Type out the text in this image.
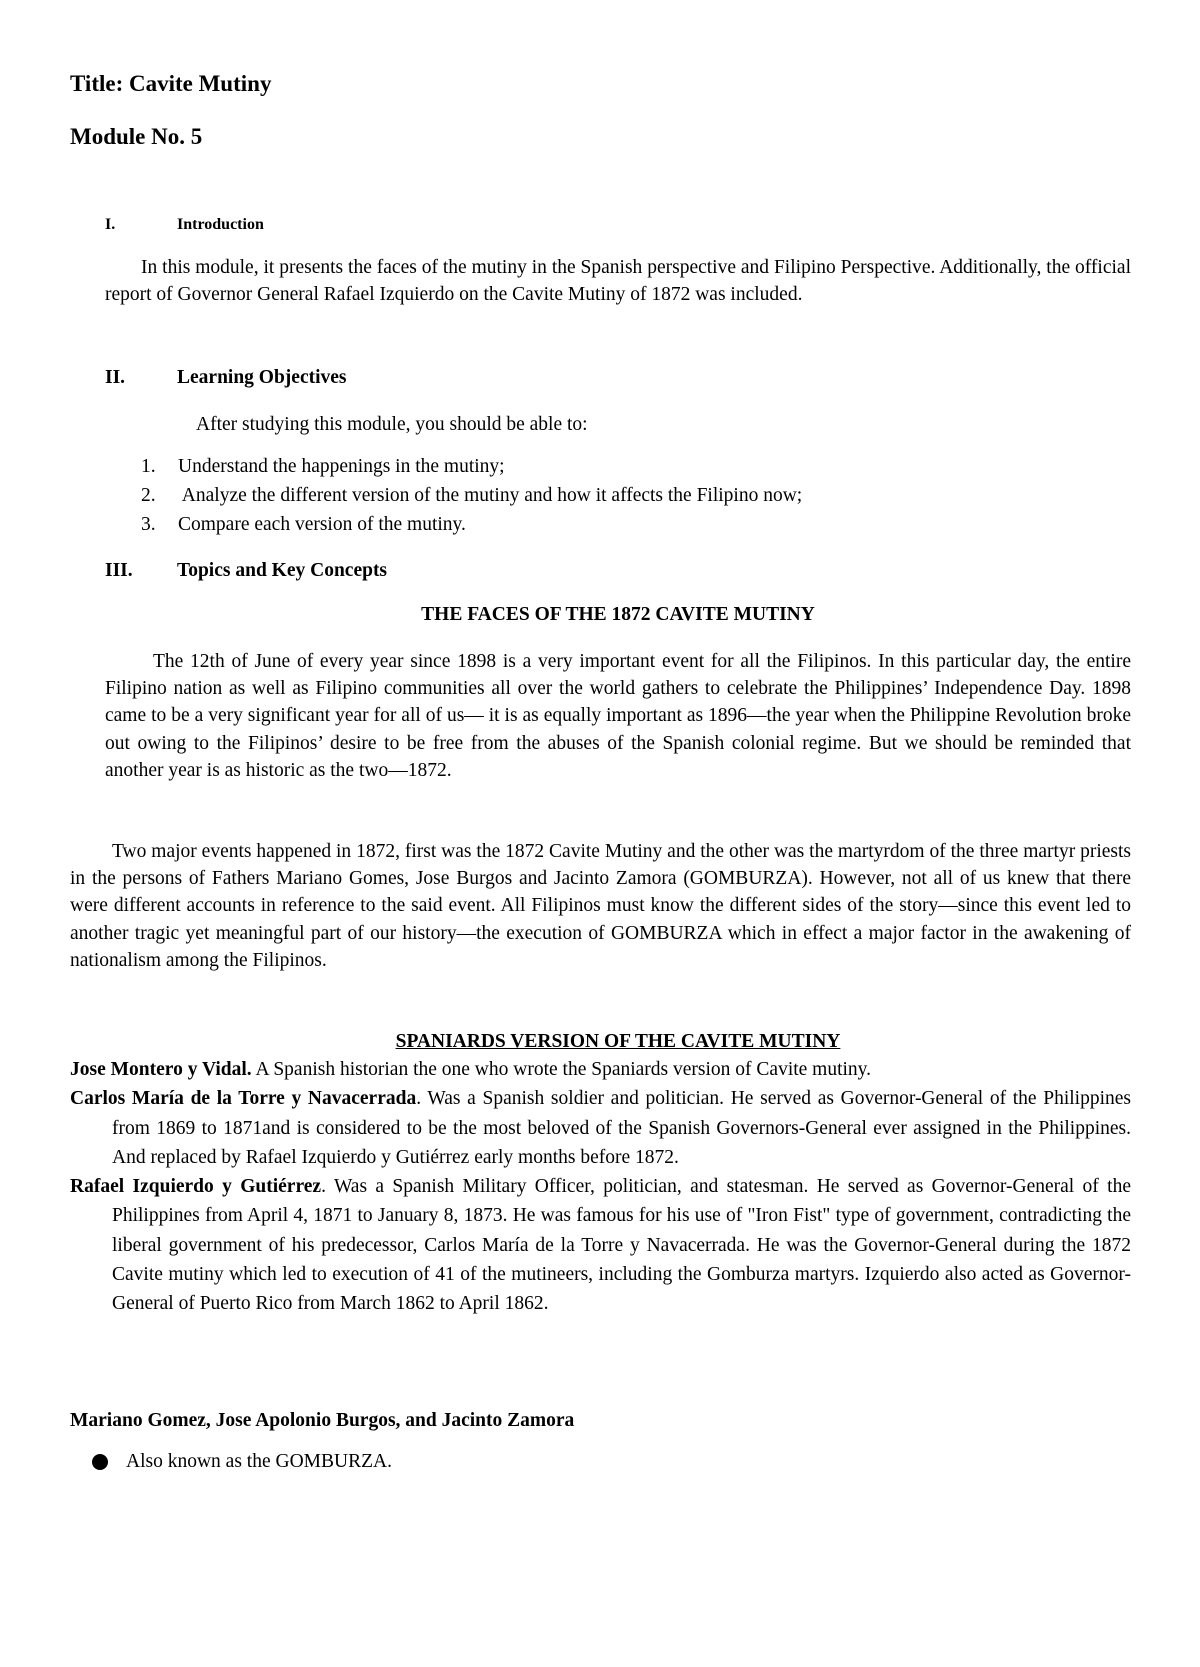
Title: Cavite Mutiny
Module No. 5
I.	Introduction

In this module, it presents the faces of the mutiny in the Spanish perspective and Filipino Perspective. Additionally, the official report of Governor General Rafael Izquierdo on the Cavite Mutiny of 1872 was included.

II.	Learning Objectives
After studying this module, you should be able to:
1.	Understand the happenings in the mutiny;
2.	Analyze the different version of the mutiny and how it affects the Filipino now;
3.	Compare each version of the mutiny.
III. Topics and Key Concepts
THE FACES OF THE 1872 CAVITE MUTINY

The 12th of June of every year since 1898 is a very important event for all the Filipinos. In this particular day, the entire Filipino nation as well as Filipino communities all over the world gathers to celebrate the Philippines’ Independence Day. 1898 came to be a very significant year for all of us— it is as equally important as 1896—the year when the Philippine Revolution broke out owing to the Filipinos’ desire to be free from the abuses of the Spanish colonial regime. But we should be reminded that another year is as historic as the two—1872.

Two major events happened in 1872, first was the 1872 Cavite Mutiny and the other was the martyrdom of the three martyr priests in the persons of Fathers Mariano Gomes, Jose Burgos and Jacinto Zamora (GOMBURZA). However, not all of us knew that there were different accounts in reference to the said event. All Filipinos must know the different sides of the story—since this event led to another tragic yet meaningful part of our history—the execution of GOMBURZA which in effect a major factor in the awakening of nationalism among the Filipinos.

SPANIARDS VERSION OF THE CAVITE MUTINY

Jose Montero y Vidal. A Spanish historian the one who wrote the Spaniards version of Cavite mutiny.

Carlos María de la Torre y Navacerrada. Was a Spanish soldier and politician. He served as Governor-General of the Philippines from 1869 to 1871and is considered to be the most beloved of the Spanish Governors-General ever assigned in the Philippines. And replaced by Rafael Izquierdo y Gutiérrez early months before 1872.

Rafael Izquierdo y Gutiérrez. Was a Spanish Military Officer, politician, and statesman. He served as Governor-General of the Philippines from April 4, 1871 to January 8, 1873. He was famous for his use of "Iron Fist" type of government, contradicting the liberal government of his predecessor, Carlos María de la Torre y Navacerrada. He was the Governor-General during the 1872 Cavite mutiny which led to execution of 41 of the mutineers, including the Gomburza martyrs. Izquierdo also acted as Governor-General of Puerto Rico from March 1862 to April 1862.

Mariano Gomez, Jose Apolonio Burgos, and Jacinto Zamora
Also known as the GOMBURZA.
